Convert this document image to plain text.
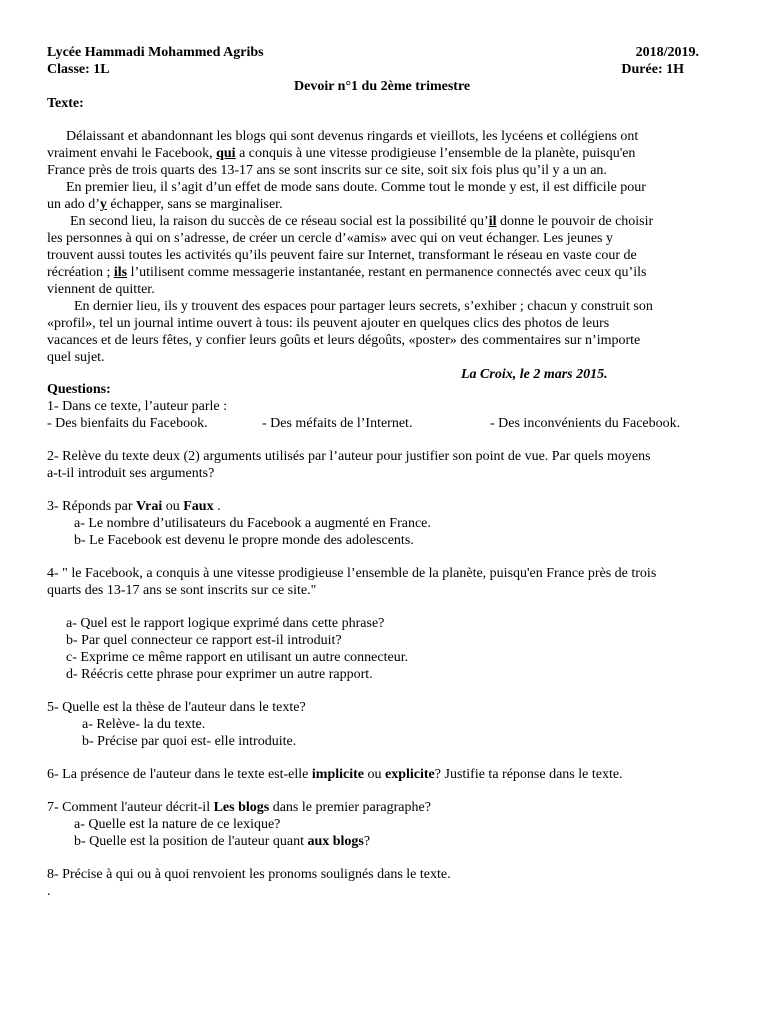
Lycée Hammadi Mohammed Agribs	2018/2019.
Classe: 1L	Durée: 1H
Devoir n°1 du 2ème trimestre
Texte:
Délaissant et abandonnant les blogs qui sont devenus ringards et vieillots, les lycéens et collégiens ont
vraiment envahi le Facebook, qui a conquis à une vitesse prodigieuse l’ensemble de la planète, puisqu'en
France près de trois quarts des 13-17 ans se sont inscrits sur ce site, soit six fois plus qu’il y a un an.
En premier lieu, il s’agit d’un effet de mode sans doute. Comme tout le monde y est, il est difficile pour
un ado d’y échapper, sans se marginaliser.
En second lieu, la raison du succès de ce réseau social est la possibilité qu’il donne le pouvoir de choisir
les personnes à qui on s’adresse, de créer un cercle d’«amis» avec qui on veut échanger. Les jeunes y
trouvent aussi toutes les activités qu’ils peuvent faire sur Internet, transformant le réseau en vaste cour de
récréation ; ils l’utilisent comme messagerie instantanée, restant en permanence connectés avec ceux qu’ils
viennent de quitter.
En dernier lieu, ils y trouvent des espaces pour partager leurs secrets, s’exhiber ; chacun y construit son
«profil», tel un journal intime ouvert à tous: ils peuvent ajouter en quelques clics des photos de leurs
vacances et de leurs fêtes, y confier leurs goûts et leurs dégoûts, «poster» des commentaires sur n’importe
quel sujet.
La Croix, le 2 mars 2015.
Questions:
1- Dans ce texte, l’auteur parle :
- Des bienfaits du Facebook.	- Des méfaits de l’Internet.	- Des inconvénients du Facebook.
2- Relève du texte deux (2) arguments utilisés par l’auteur pour justifier son point de vue. Par quels moyens
a-t-il introduit ses arguments?
3- Réponds par Vrai ou Faux .
a- Le nombre d’utilisateurs du Facebook a augmenté en France.
b- Le Facebook est devenu le propre monde des adolescents.
4- " le Facebook, a conquis à une vitesse prodigieuse l’ensemble de la planète, puisqu'en France près de trois
quarts des 13-17 ans se sont inscrits sur ce site."
a- Quel est le rapport logique exprimé dans cette phrase?
b- Par quel connecteur ce rapport est-il introduit?
c- Exprime ce même rapport en utilisant un autre connecteur.
d- Réécris cette phrase pour exprimer un autre rapport.
5- Quelle est la thèse de l'auteur dans le texte?
a- Relève- la du texte.
b- Précise par quoi est- elle introduite.
6- La présence de l'auteur dans le texte est-elle implicite ou explicite? Justifie ta réponse dans le texte.
7- Comment l'auteur décrit-il Les blogs dans le premier paragraphe?
a- Quelle est la nature de ce lexique?
b- Quelle est la position de l'auteur quant aux blogs?
8- Précise à qui ou à quoi renvoient les pronoms soulignés dans le texte.
.
